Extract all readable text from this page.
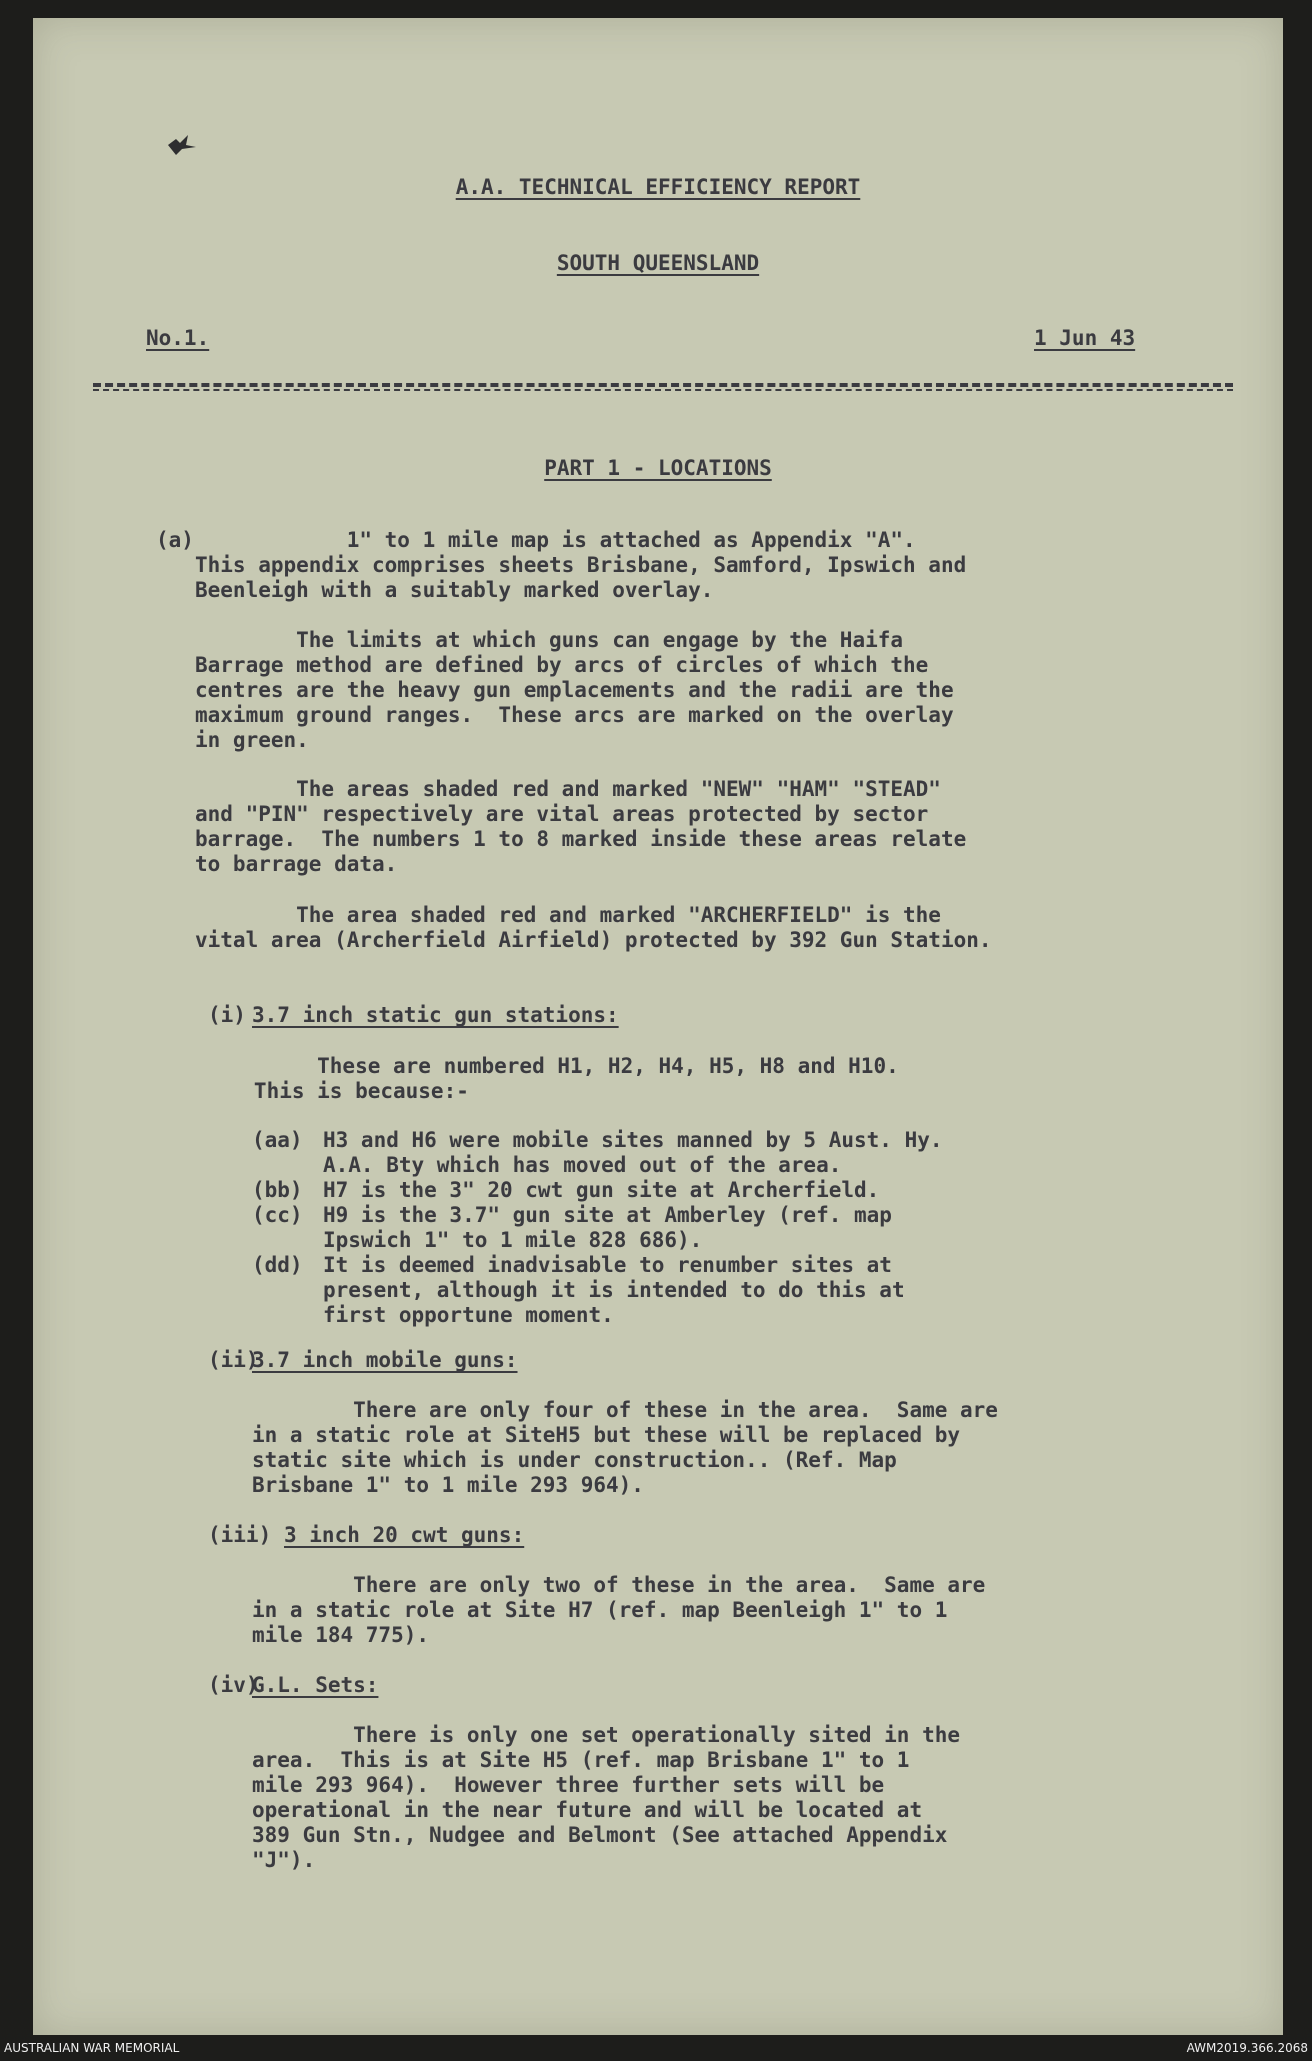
A.A. TECHNICAL EFFICIENCY REPORT
SOUTH QUEENSLAND
No.1.	1 Jun 43
PART 1 - LOCATIONS
(a)	1" to 1 mile map is attached as Appendix "A".
This appendix comprises sheets Brisbane, Samford, Ipswich and
Beenleigh with a suitably marked overlay.
The limits at which guns can engage by the Haifa
Barrage method are defined by arcs of circles of which the
centres are the heavy gun emplacements and the radii are the
maximum ground ranges.  These arcs are marked on the overlay
in green.
The areas shaded red and marked "NEW" "HAM" "STEAD"
and "PIN" respectively are vital areas protected by sector
barrage.  The numbers 1 to 8 marked inside these areas relate
to barrage data.
The area shaded red and marked "ARCHERFIELD" is the
vital area (Archerfield Airfield) protected by 392 Gun Station.
(i) 3.7 inch static gun stations:
These are numbered H1, H2, H4, H5, H8 and H10.
This is because:-
(aa) H3 and H6 were mobile sites manned by 5 Aust. Hy.
A.A. Bty which has moved out of the area.
(bb) H7 is the 3" 20 cwt gun site at Archerfield.
(cc) H9 is the 3.7" gun site at Amberley (ref. map
Ipswich 1" to 1 mile 828 686).
(dd) It is deemed inadvisable to renumber sites at
present, although it is intended to do this at
first opportune moment.
(ii)
3.7 inch mobile guns:
There are only four of these in the area.  Same are
in a static role at SiteH5 but these will be replaced by
static site which is under construction.. (Ref. Map
Brisbane 1" to 1 mile 293 964).
(iii) 3 inch 20 cwt guns:
There are only two of these in the area.  Same are
in a static role at Site H7 (ref. map Beenleigh 1" to 1
mile 184 775).
(iv)
G.L. Sets:
There is only one set operationally sited in the
area.  This is at Site H5 (ref. map Brisbane 1" to 1
mile 293 964).  However three further sets will be
operational in the near future and will be located at
389 Gun Stn., Nudgee and Belmont (See attached Appendix
"J").
AUSTRALIAN WAR MEMORIAL	AWM2019.366.2068
